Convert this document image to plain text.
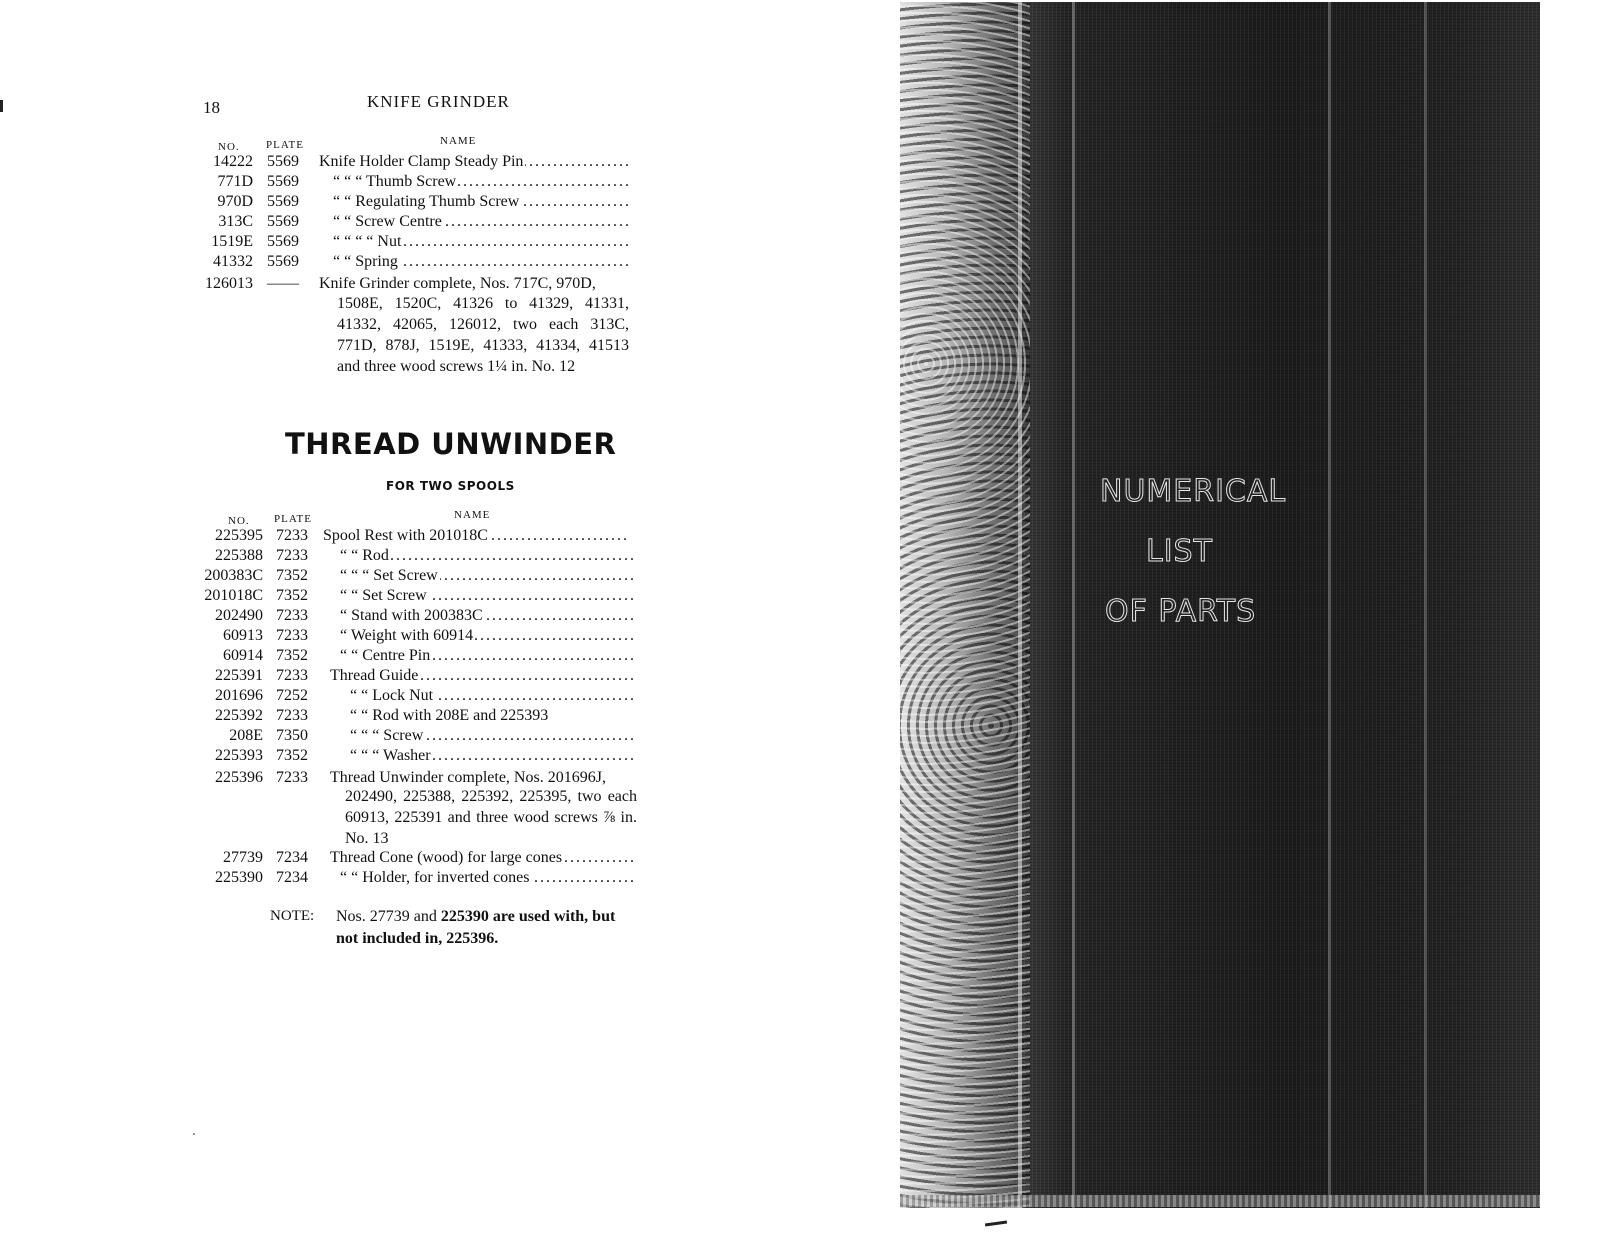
18	KNIFE GRINDER
NO. PLATE	NAME
14222 5569 Knife Holder Clamp Steady Pin . . .
771D 5569	“ “ “ Thumb Screw . . .
970D 5569	“ “ Regulating Thumb Screw . . .
313C 5569	“ “ Screw Centre . . .
1519E 5569	“ “ “ “ Nut . . .
41332 5569	“ “ Spring . . .
126013 —— Knife Grinder complete, Nos. 717C, 970D,
1508E, 1520C, 41326 to 41329, 41331, 41332, 42065, 126012, two each 313C, 771D, 878J, 1519E, 41333, 41334, 41513 and three wood screws 1¼ in. No. 12
THREAD UNWINDER
FOR TWO SPOOLS
NO. PLATE	NAME
225395 7233 Spool Rest with 201018C . . .
225388 7233	“ “ Rod . . .
200383C 7352	“ “ “ Set Screw . . .
201018C 7352	“ “ Set Screw . . .
202490 7233	“ Stand with 200383C . . .
60913 7233	“ Weight with 60914 . . .
60914 7352	“ “ Centre Pin . . .
225391 7233 Thread Guide . . .
201696 7252	“ “ Lock Nut . . .
225392 7233	“ “ Rod with 208E and 225393
208E 7350	“ “ “ Screw . . .
225393 7352	“ “ “ Washer . . .
225396 7233 Thread Unwinder complete, Nos. 201696J,
202490, 225388, 225392, 225395, two each 60913, 225391 and three wood screws ⅞ in. No. 13
27739 7234 Thread Cone (wood) for large cones . . .
225390 7234	“ “ Holder, for inverted cones . . .
NOTE: Nos. 27739 and 225390 are used with, but not included in, 225396.
NUMERICAL
LIST
OF PARTS
